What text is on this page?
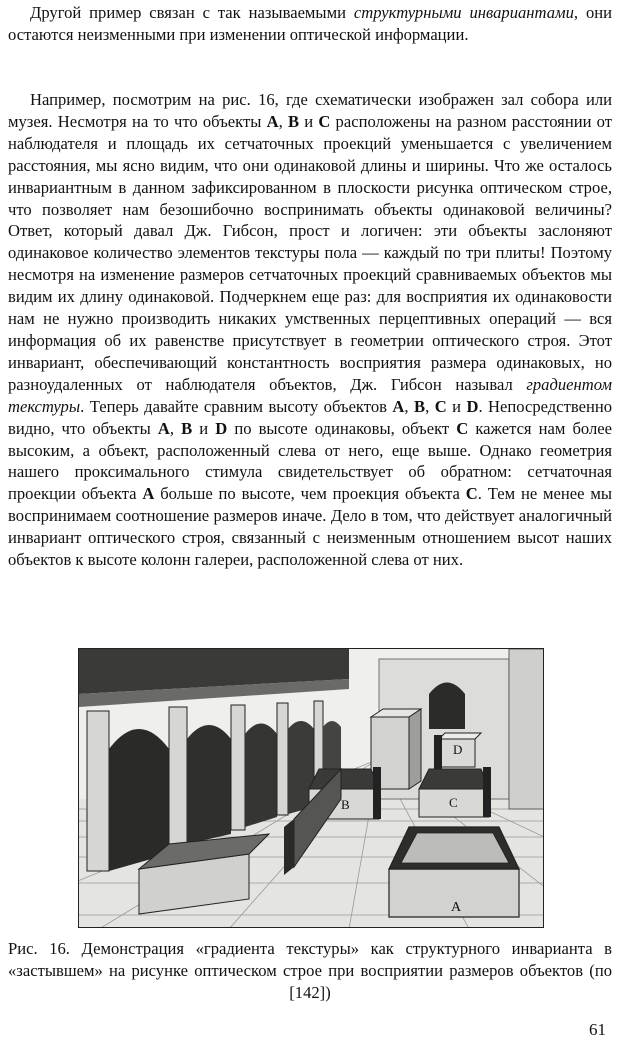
Другой пример связан с так называемыми структурными инвариантами, они остаются неизменными при изменении оптической информации.

Например, посмотрим на рис. 16, где схематически изображен зал собора или музея. Несмотря на то что объекты А, В и С расположены на разном расстоянии от наблюдателя и площадь их сетчаточных проекций уменьшается с увеличением расстояния, мы ясно видим, что они одинаковой длины и ширины. Что же осталось инвариантным в данном зафиксированном в плоскости рисунка оптическом строе, что позволяет нам безошибочно воспринимать объекты одинаковой величины? Ответ, который давал Дж. Гибсон, прост и логичен: эти объекты заслоняют одинаковое количество элементов текстуры пола — каждый по три плиты! Поэтому несмотря на изменение размеров сетчаточных проекций сравниваемых объектов мы видим их длину одинаковой. Подчеркнем еще раз: для восприятия их одинаковости нам не нужно производить никаких умственных перцептивных операций — вся информация об их равенстве присутствует в геометрии оптического строя. Этот инвариант, обеспечивающий константность восприятия размера одинаковых, но разноудаленных от наблюдателя объектов, Дж. Гибсон называл градиентом текстуры. Теперь давайте сравним высоту объектов А, В, С и D. Непосредственно видно, что объекты А, В и D по высоте одинаковы, объект С кажется нам более высоким, а объект, расположенный слева от него, еще выше. Однако геометрия нашего проксимального стимула свидетельствует об обратном: сетчаточная проекции объекта А больше по высоте, чем проекция объекта С. Тем не менее мы воспринимаем соотношение размеров иначе. Дело в том, что действует аналогичный инвариант оптического строя, связанный с неизменным отношением высот наших объектов к высоте колонн галереи, расположенной слева от них.

B	C
D
A

Рис. 16. Демонстрация «градиента текстуры» как структурного инварианта в «застывшем» на рисунке оптическом строе при восприятии размеров объектов (по [142])

61
